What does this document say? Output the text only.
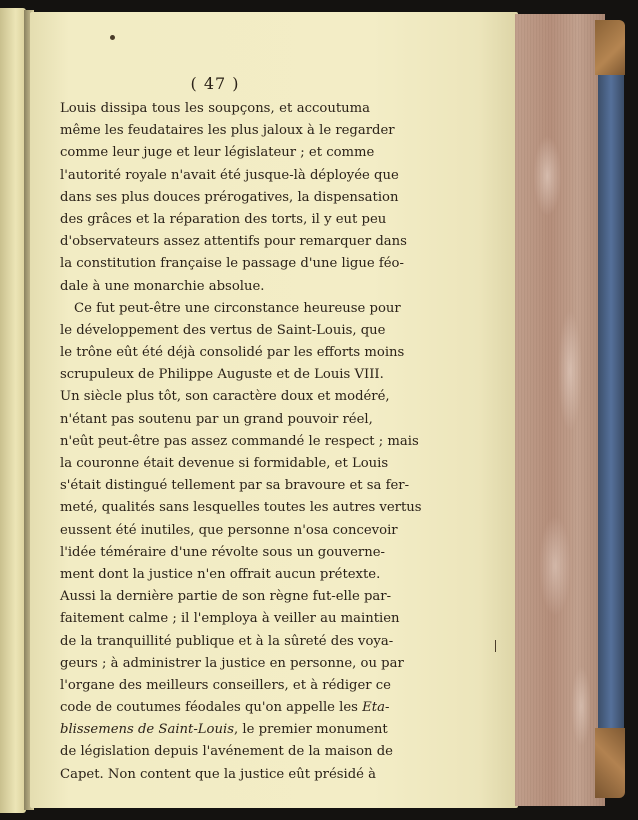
( 47 )
Louis dissipa tous les soupçons, et accoutuma
même les feudataires les plus jaloux à le regarder
comme leur juge et leur législateur ; et comme
l'autorité royale n'avait été jusque-là déployée que
dans ses plus douces prérogatives, la dispensation
des grâces et la réparation des torts, il y eut peu
d'observateurs assez attentifs pour remarquer dans
la constitution française le passage d'une ligue féo-
dale à une monarchie absolue.
Ce fut peut-être une circonstance heureuse pour
le développement des vertus de Saint-Louis, que
le trône eût été déjà consolidé par les efforts moins
scrupuleux de Philippe Auguste et de Louis VIII.
Un siècle plus tôt, son caractère doux et modéré,
n'étant pas soutenu par un grand pouvoir réel,
n'eût peut-être pas assez commandé le respect ; mais
la couronne était devenue si formidable, et Louis
s'était distingué tellement par sa bravoure et sa fer-
meté, qualités sans lesquelles toutes les autres vertus
eussent été inutiles, que personne n'osa concevoir
l'idée téméraire d'une révolte sous un gouverne-
ment dont la justice n'en offrait aucun prétexte.
Aussi la dernière partie de son règne fut-elle par-
faitement calme ; il l'employa à veiller au maintien
de la tranquillité publique et à la sûreté des voya-
geurs ; à administrer la justice en personne, ou par
l'organe des meilleurs conseillers, et à rédiger ce
code de coutumes féodales qu'on appelle les Eta-
blissemens de Saint-Louis, le premier monument
de législation depuis l'avénement de la maison de
Capet. Non content que la justice eût présidé à
